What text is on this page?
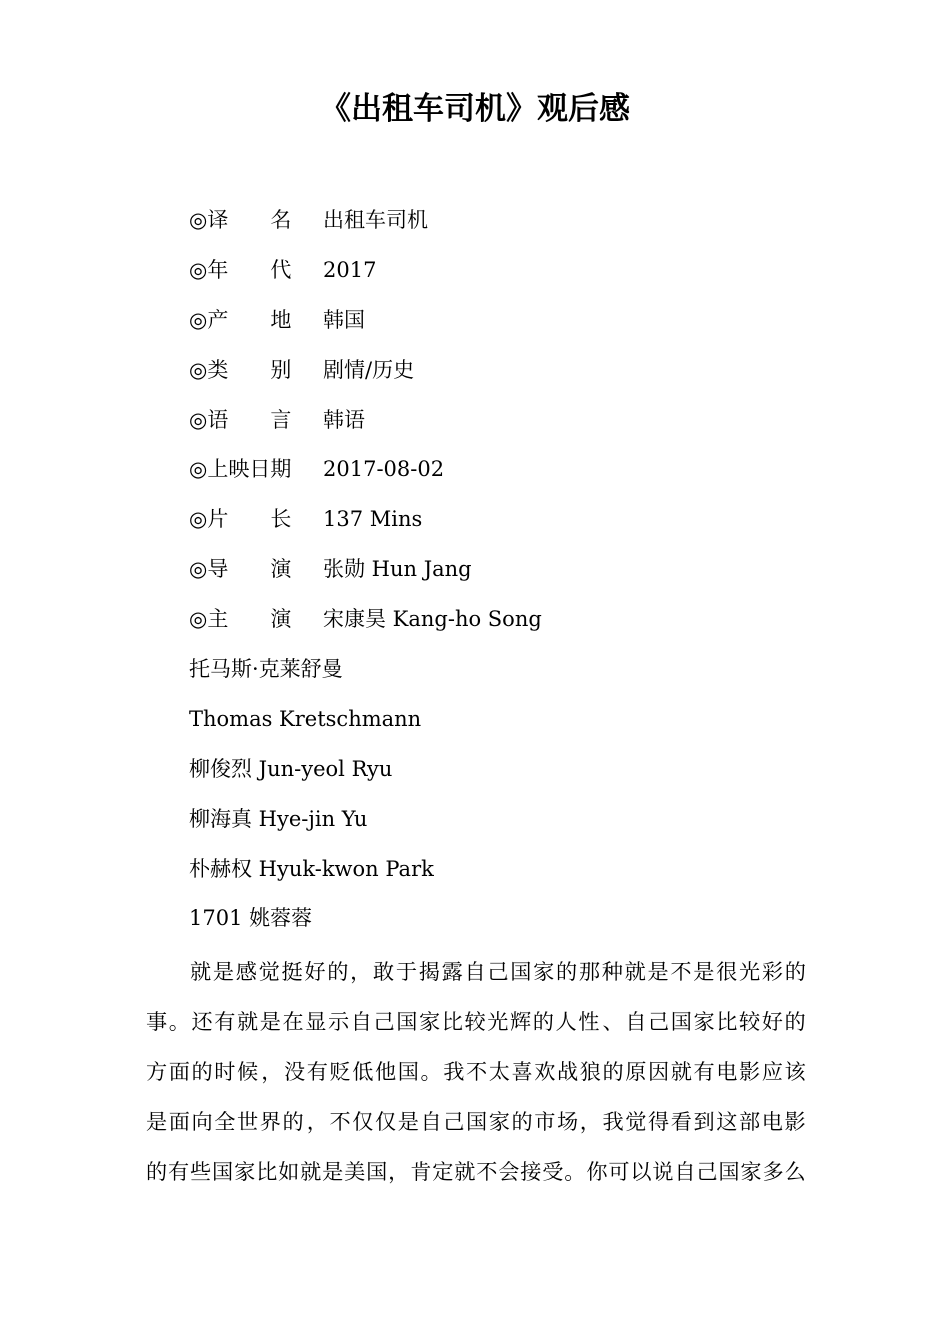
《出租车司机》观后感
◎译　　名	出租车司机
◎年　　代	2017
◎产　　地	韩国
◎类　　别	剧情/历史
◎语　　言	韩语
◎上映日期	2017-08-02
◎片　　长	137 Mins
◎导　　演	张勋 Hun Jang
◎主　　演	宋康昊 Kang-ho Song
托马斯·克莱舒曼
Thomas Kretschmann
柳俊烈 Jun-yeol Ryu
柳海真 Hye-jin Yu
朴赫权 Hyuk-kwon Park
1701 姚蓉蓉
就 是 感 觉 挺 好 的 ， 敢 于 揭 露 自 己 国 家 的 那 种 就 是 不 是 很 光 彩 的
事 。 还 有 就 是 在 显 示 自 己 国 家 比 较 光 辉 的 人 性 、 自 己 国 家 比 较 好 的
方 面 的 时 候 ， 没 有 贬 低 他 国 。 我 不 太 喜 欢 战 狼 的 原 因 就 有 电 影 应 该
是 面 向 全 世 界 的 ， 不 仅 仅 是 自 己 国 家 的 市 场 ， 我 觉 得 看 到 这 部 电 影
的 有 些 国 家 比 如 就 是 美 国 ， 肯 定 就 不 会 接 受 。 你 可 以 说 自 己 国 家 多 么
